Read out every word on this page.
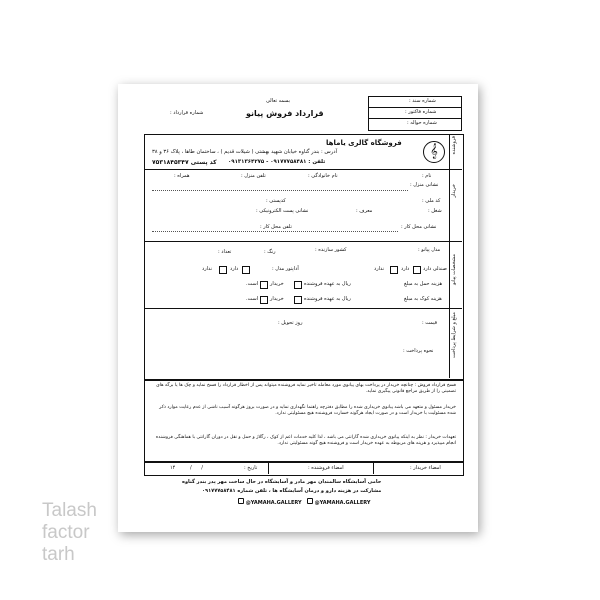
Talash
factor
tarh
بسمه تعالی
قرارداد فروش پیانو
شماره قرارداد :
شماره سند :
شماره فاکتور :
شماره حواله :
فروشنده
𝄞
فروشگاه گالری یاماها
آدرس : بندر گناوه خیابان شهید بهشتی ( شیلات قدیم ) ، ساختمان طاها ، پلاک ۳۶ و ۳۸
تلفن : ۰۹۱۷۷۷۵۸۴۸۱ - ۰۹۱۳۱۳۶۴۲۷۵
کد پستی ۷۵۳۱۸۴۵۳۴۷
خریدار
نام :
نام خانوادگی :
تلفن منزل :
همراه :
نشانی منزل :
کد ملی :
کدپستی :
شغل :
معرف :
نشانی پست الکترونیکی :
نشانی محل کار :
تلفن محل کار :
مشخصات پیانو
مدل پیانو :
کشور سازنده :
رنگ :
تعداد :
صندلی دارد
دارد
ندارد
آداپتور مدل :
دارد
ندارد
هزینه حمل به مبلغ
ریال به عهده فروشنده
خریدار
است.
هزینه کوک به مبلغ
ریال به عهده فروشنده
خریدار
است.
مبلغ و شرایط پرداخت
قیمت :
روز تحویل :
نحوه پرداخت :
فسخ قرارداد فروش : چنانچه خریدار در پرداخت بهای پیانوی مورد معامله تاخیر نماید فروشنده میتواند پس از اخطار قرارداد را فسخ نماید و چک ها یا برگه های تضمینی را از طریق مراجع قانونی پیگیری نماید.
خریدار مسئول و متعهد می باشد پیانوی خریداری شده را مطابق دفترچه راهنما نگهداری نماید و در صورت بروز هرگونه آسیب ناشی از عدم رعایت موارد ذکر شده مسئولیت با خریدار است و در صورت ایجاد هرگونه خسارت فروشنده هیچ مسئولیتی ندارد.
تعهدات خریدار : نظر به اینکه پیانوی خریداری شده گارانتی می باشد ، لذا کلیه خدمات اعم از کوک ، رگلاژ و حمل و نقل در دوران گارانتی با هماهنگی فروشنده انجام میپذیرد و هزینه های مربوطه به عهده خریدار است و فروشنده هیچ گونه مسئولیتی ندارد.
امضاء خریدار :
امضاء فروشنده :
تاریخ :
۱۴	/      /
حامی آسایشگاه سالمندان مهر مادر و آسایشگاه در حال ساخت مهر پدر بندر گناوه
مشارکت در هزینه دارو و درمان آسایشگاه ها ، تلفن شماره ۰۹۱۷۷۷۵۸۴۸۱
@YAMAHA.GALLERY	@YAMAHA.GALLERY
